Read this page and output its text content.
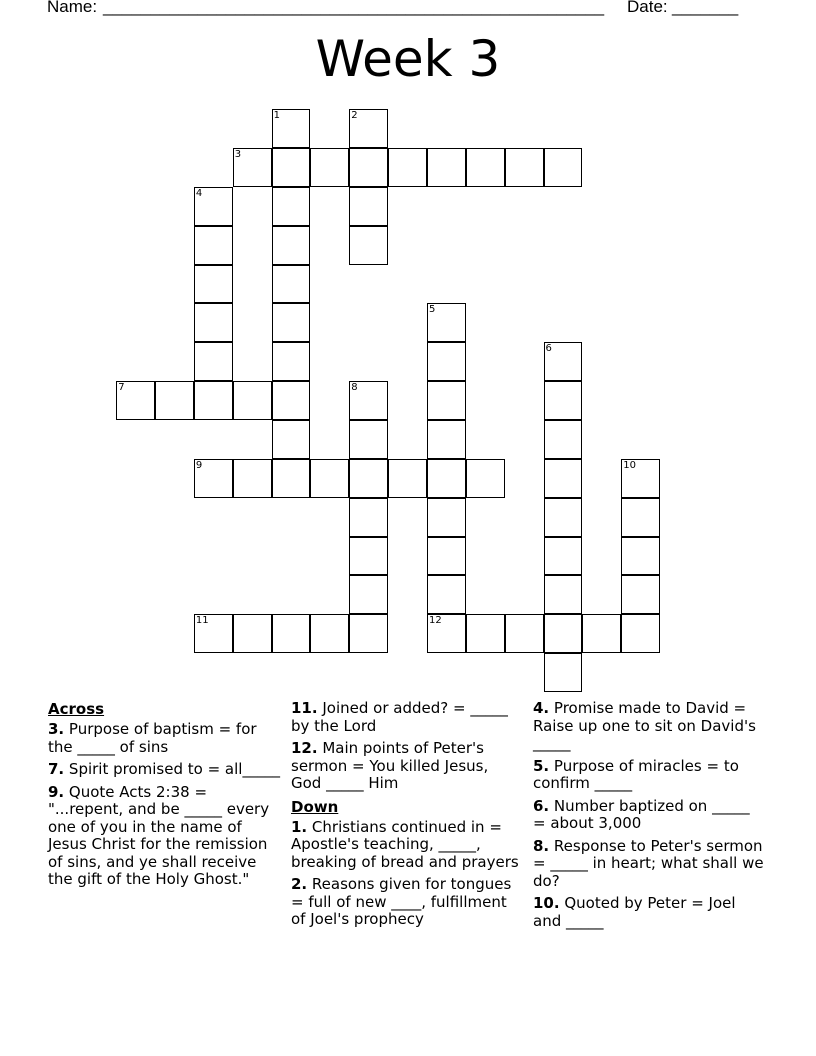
Name: _____________________________________________________ Date: _______
Week 3
1	2
3
4
5
12
6
7	8
9	10
11
Across
3. Purpose of baptism = for the _____ of sins
7. Spirit promised to = all_____
9. Quote Acts 2:38 = "...repent, and be _____ every one of you in the name of Jesus Christ for the remission of sins, and ye shall receive the gift of the Holy Ghost."
11. Joined or added? = _____ by the Lord
12. Main points of Peter's sermon = You killed Jesus, God _____ Him
Down
1. Christians continued in = Apostle's teaching, _____, breaking of bread and prayers
2. Reasons given for tongues = full of new ____, fulfillment of Joel's prophecy
4. Promise made to David = Raise up one to sit on David's _____
5. Purpose of miracles = to confirm _____
6. Number baptized on _____ = about 3,000
8. Response to Peter's sermon = _____ in heart; what shall we do?
10. Quoted by Peter = Joel and _____
